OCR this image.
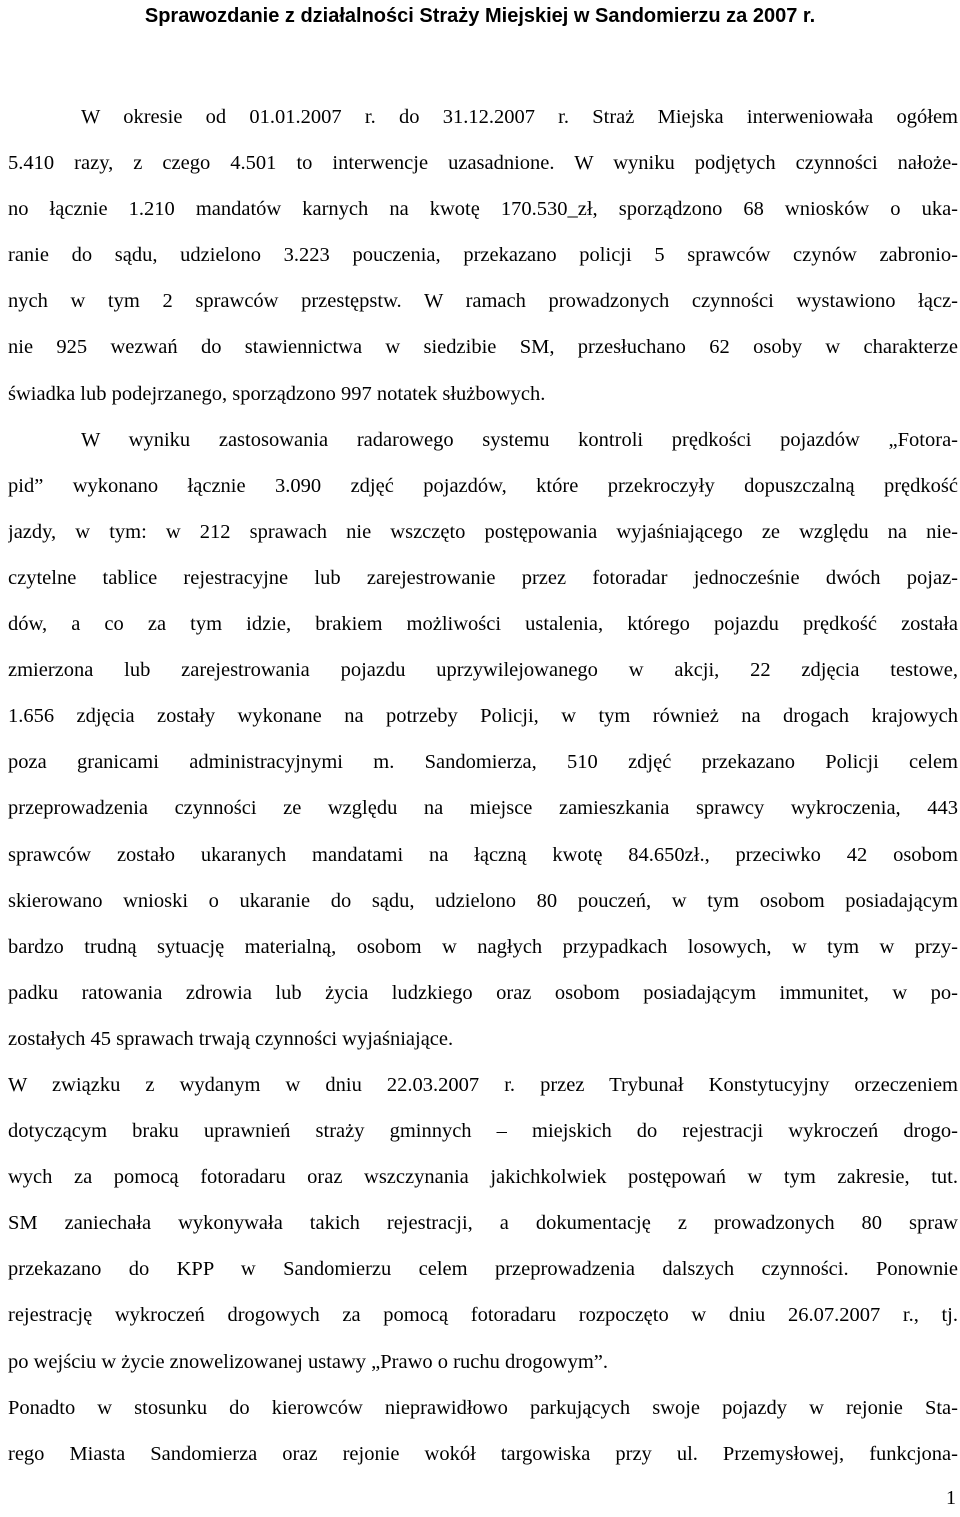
Sprawozdanie z działalności Straży Miejskiej w Sandomierzu za 2007 r.
W okresie od 01.01.2007 r. do 31.12.2007 r. Straż Miejska interweniowała ogółem
5.410 razy, z czego 4.501 to interwencje uzasadnione. W wyniku podjętych czynności nałoże-
no łącznie 1.210 mandatów karnych na kwotę 170.530_zł, sporządzono 68 wniosków o uka-
ranie do sądu, udzielono 3.223 pouczenia, przekazano policji 5 sprawców czynów zabronio-
nych w tym 2 sprawców przestępstw. W ramach prowadzonych czynności wystawiono łącz-
nie 925 wezwań do stawiennictwa w siedzibie SM, przesłuchano 62 osoby w charakterze
świadka lub podejrzanego, sporządzono 997 notatek służbowych.
W wyniku zastosowania radarowego systemu kontroli prędkości pojazdów „Fotora-
pid” wykonano łącznie 3.090 zdjęć pojazdów, które przekroczyły dopuszczalną prędkość
jazdy, w tym: w 212 sprawach nie wszczęto postępowania wyjaśniającego ze względu na nie-
czytelne tablice rejestracyjne lub zarejestrowanie przez fotoradar jednocześnie dwóch pojaz-
dów, a co za tym idzie, brakiem możliwości ustalenia, którego pojazdu prędkość została
zmierzona lub zarejestrowania pojazdu uprzywilejowanego w akcji, 22 zdjęcia testowe,
1.656 zdjęcia zostały wykonane na potrzeby Policji, w tym również na drogach krajowych
poza granicami administracyjnymi m. Sandomierza, 510 zdjęć przekazano Policji celem
przeprowadzenia czynności ze względu na miejsce zamieszkania sprawcy wykroczenia, 443
sprawców zostało ukaranych mandatami na łączną kwotę 84.650zł., przeciwko 42 osobom
skierowano wnioski o ukaranie do sądu, udzielono 80 pouczeń, w tym osobom posiadającym
bardzo trudną sytuację materialną, osobom w nagłych przypadkach losowych, w tym w przy-
padku ratowania zdrowia lub życia ludzkiego oraz osobom posiadającym immunitet, w po-
zostałych 45 sprawach trwają czynności wyjaśniające.
W związku z wydanym w dniu 22.03.2007 r. przez Trybunał Konstytucyjny orzeczeniem
dotyczącym braku uprawnień straży gminnych – miejskich do rejestracji wykroczeń drogo-
wych za pomocą fotoradaru oraz wszczynania jakichkolwiek postępowań w tym zakresie, tut.
SM zaniechała wykonywała takich rejestracji, a dokumentację z prowadzonych 80 spraw
przekazano do KPP w Sandomierzu celem przeprowadzenia dalszych czynności. Ponownie
rejestrację wykroczeń drogowych za pomocą fotoradaru rozpoczęto w dniu 26.07.2007 r., tj.
po wejściu w życie znowelizowanej ustawy „Prawo o ruchu drogowym”.
Ponadto w stosunku do kierowców nieprawidłowo parkujących swoje pojazdy w rejonie Sta-
rego Miasta Sandomierza oraz rejonie wokół targowiska przy ul. Przemysłowej, funkcjona-
1
